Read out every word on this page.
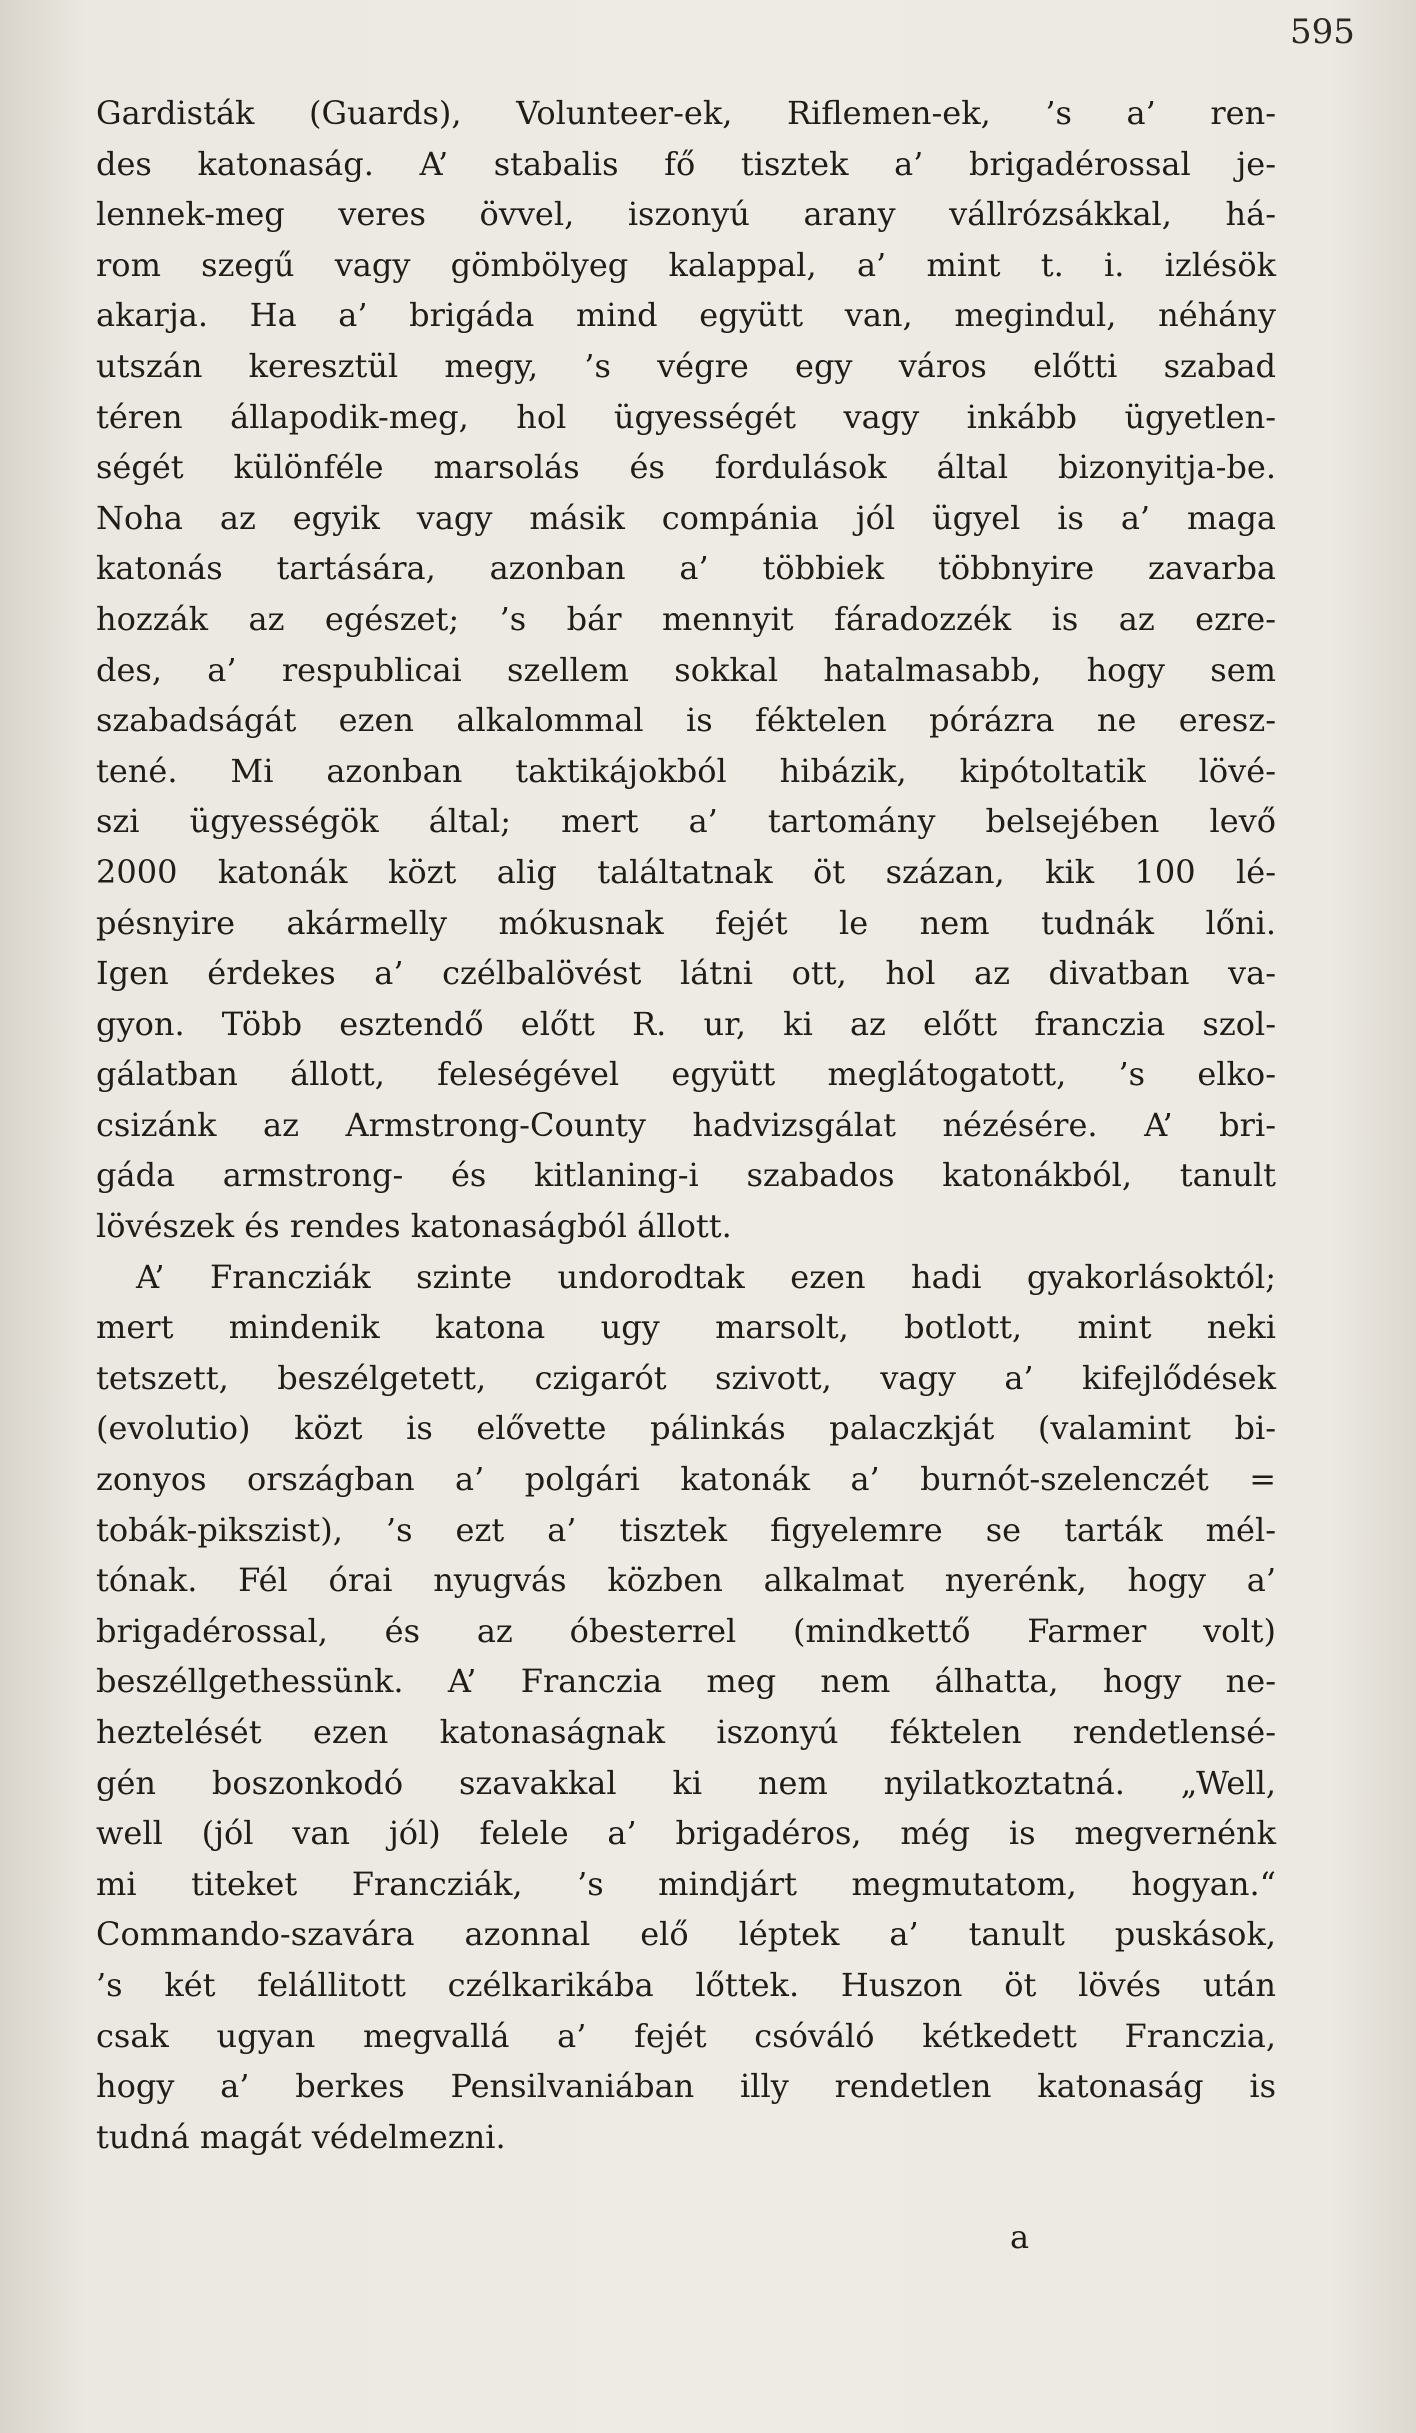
595
Gardisták (Guards), Volunteer-ek, Riflemen-ek, ’s a’ ren-
des katonaság. A’ stabalis fő tisztek a’ brigadérossal je-
lennek-meg veres övvel, iszonyú arany vállrózsákkal, há-
rom szegű vagy gömbölyeg kalappal, a’ mint t. i. izlésök
akarja. Ha a’ brigáda mind együtt van, megindul, néhány
utszán keresztül megy, ’s végre egy város előtti szabad
téren állapodik-meg, hol ügyességét vagy inkább ügyetlen-
ségét különféle marsolás és fordulások által bizonyitja-be.
Noha az egyik vagy másik compánia jól ügyel is a’ maga
katonás tartására, azonban a’ többiek többnyire zavarba
hozzák az egészet; ’s bár mennyit fáradozzék is az ezre-
des, a’ respublicai szellem sokkal hatalmasabb, hogy sem
szabadságát ezen alkalommal is féktelen pórázra ne eresz-
tené. Mi azonban taktikájokból hibázik, kipótoltatik lövé-
szi ügyességök által; mert a’ tartomány belsejében levő
2000 katonák közt alig találtatnak öt százan, kik 100 lé-
pésnyire akármelly mókusnak fejét le nem tudnák lőni.
Igen érdekes a’ czélbalövést látni ott, hol az divatban va-
gyon. Több esztendő előtt R. ur, ki az előtt franczia szol-
gálatban állott, feleségével együtt meglátogatott, ’s elko-
csizánk az Armstrong-County hadvizsgálat nézésére. A’ bri-
gáda armstrong- és kitlaning-i szabados katonákból, tanult
lövészek és rendes katonaságból állott.
A’ Francziák szinte undorodtak ezen hadi gyakorlásoktól;
mert mindenik katona ugy marsolt, botlott, mint neki
tetszett, beszélgetett, czigarót szivott, vagy a’ kifejlődések
(evolutio) közt is elővette pálinkás palaczkját (valamint bi-
zonyos országban a’ polgári katonák a’ burnót-szelenczét =
tobák-pikszist), ’s ezt a’ tisztek figyelemre se tarták mél-
tónak. Fél órai nyugvás közben alkalmat nyerénk, hogy a’
brigadérossal, és az óbesterrel (mindkettő Farmer volt)
beszéllgethessünk. A’ Franczia meg nem álhatta, hogy ne-
heztelését ezen katonaságnak iszonyú féktelen rendetlensé-
gén boszonkodó szavakkal ki nem nyilatkoztatná. „Well,
well (jól van jól) felele a’ brigadéros, még is megvernénk
mi titeket Francziák, ’s mindjárt megmutatom, hogyan.“
Commando-szavára azonnal elő léptek a’ tanult puskások,
’s két felállitott czélkarikába lőttek. Huszon öt lövés után
csak ugyan megvallá a’ fejét csóváló kétkedett Franczia,
hogy a’ berkes Pensilvaniában illy rendetlen katonaság is
tudná magát védelmezni.
a
